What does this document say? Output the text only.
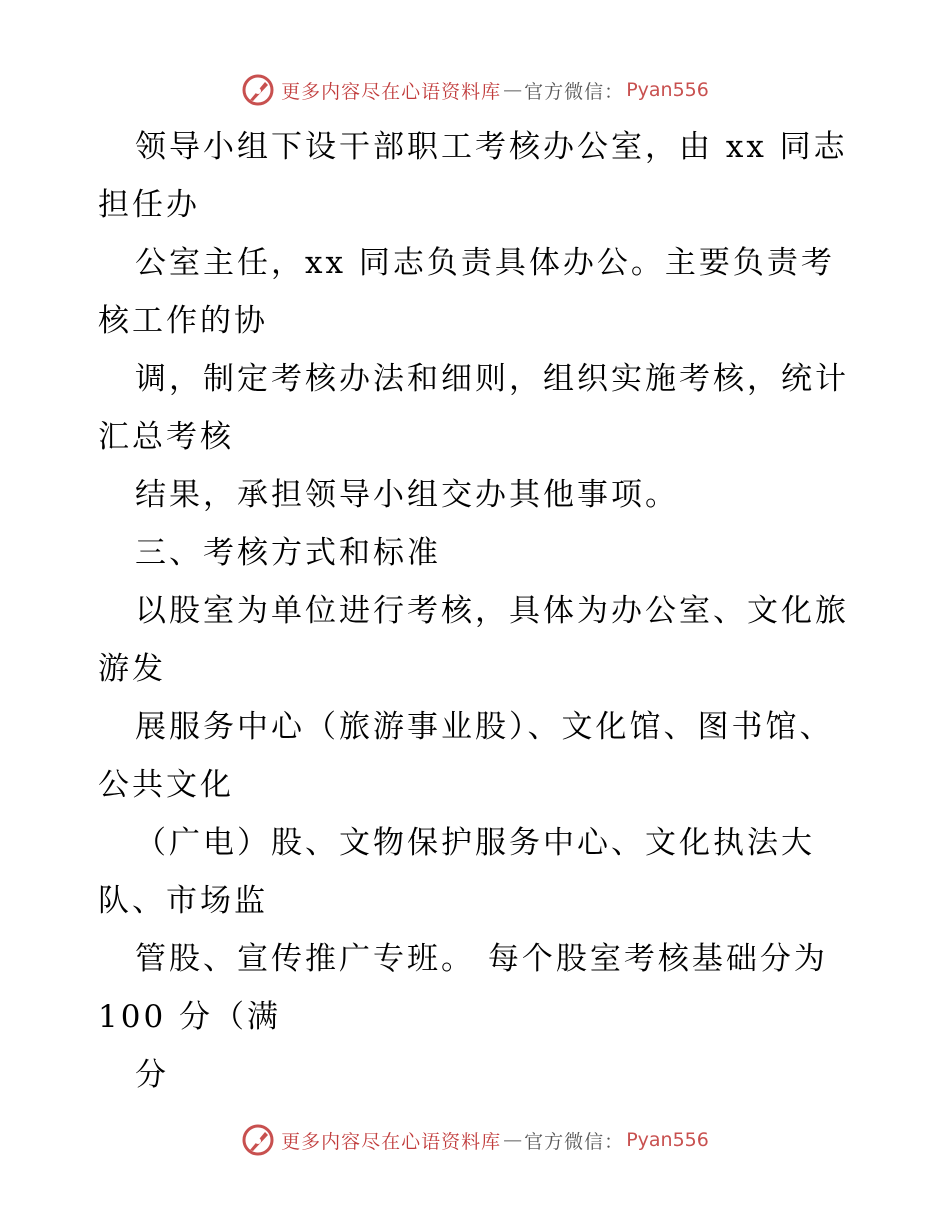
更多内容尽在心语资料库 — 官方微信： Pyan556
领导小组下设干部职工考核办公室，由 xx 同志
担任办
公室主任，xx 同志负责具体办公。主要负责考
核工作的协
调，制定考核办法和细则，组织实施考核，统计
汇总考核
结果，承担领导小组交办其他事项。
三、考核方式和标准
以股室为单位进行考核，具体为办公室、文化旅
游发
展服务中心（旅游事业股）、文化馆、图书馆、
公共文化
（广电）股、文物保护服务中心、文化执法大
队、市场监
管股、宣传推广专班。 每个股室考核基础分为
100 分（满
分
更多内容尽在心语资料库 — 官方微信： Pyan556
